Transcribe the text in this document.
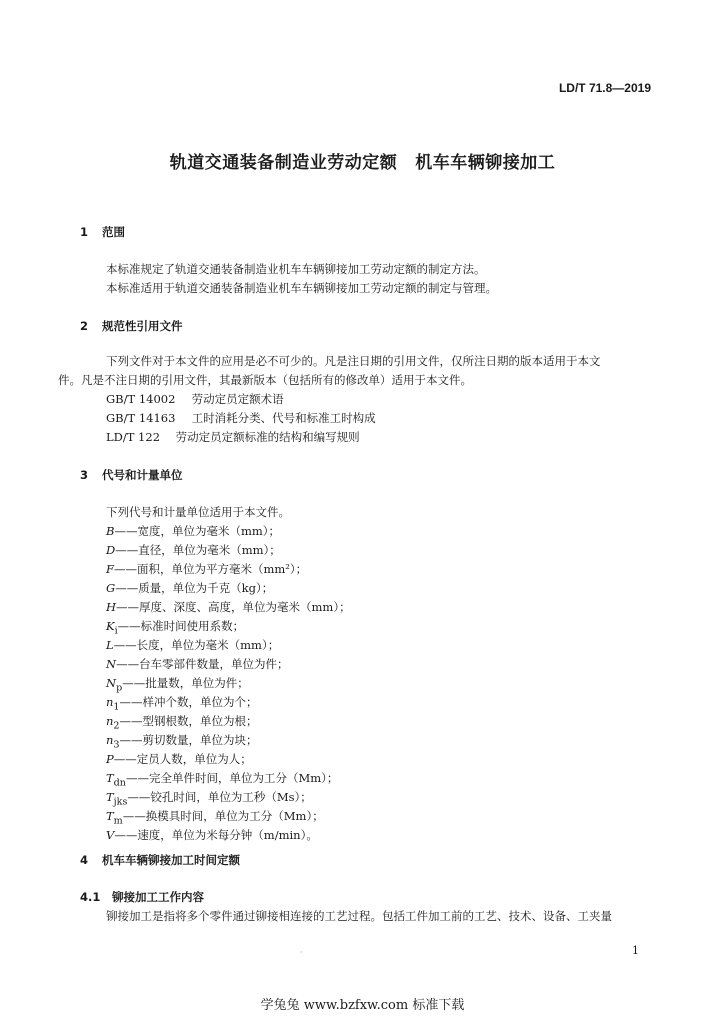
LD/T 71.8—2019
轨道交通装备制造业劳动定额 机车车辆铆接加工
1 范围
本标准规定了轨道交通装备制造业机车车辆铆接加工劳动定额的制定方法。
本标准适用于轨道交通装备制造业机车车辆铆接加工劳动定额的制定与管理。
2 规范性引用文件
下列文件对于本文件的应用是必不可少的。凡是注日期的引用文件，仅所注日期的版本适用于本文
件。凡是不注日期的引用文件，其最新版本（包括所有的修改单）适用于本文件。
GB/T 14002 劳动定员定额术语
GB/T 14163 工时消耗分类、代号和标准工时构成
LD/T 122 劳动定员定额标准的结构和编写规则
3 代号和计量单位
下列代号和计量单位适用于本文件。
B——宽度，单位为毫米（mm）；
D——直径，单位为毫米（mm）；
F——面积，单位为平方毫米（mm²）；
G——质量，单位为千克（kg）；
H——厚度、深度、高度，单位为毫米（mm）；
$K_i——$标准时间使用系数；
L——长度，单位为毫米（mm）；
N——台车零部件数量，单位为件；
$N_p——$批量数，单位为件；
$n_1——$样冲个数，单位为个；
$n_2——$型钢根数，单位为根；
$n_3——$剪切数量，单位为块；
P——定员人数，单位为人；
$T_{dn}——$完全单件时间，单位为工分（Mm）；
$T_{jks}——$铰孔时间，单位为工秒（Ms）；
$T_m——$换模具时间，单位为工分（Mm）；
V——速度，单位为米每分钟（m/min）。
4 机车车辆铆接加工时间定额
4.1 铆接加工工作内容
铆接加工是指将多个零件通过铆接相连接的工艺过程。包括工件加工前的工艺、技术、设备、工夹量
·	1
学兔兔 www.bzfxw.com 标准下载
